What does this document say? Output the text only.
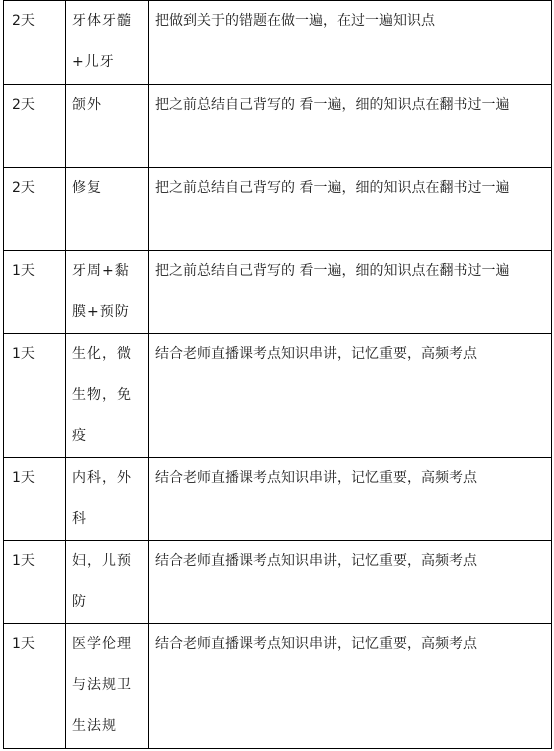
2天	牙体牙髓+儿牙	把做到关于的错题在做一遍，在过一遍知识点

2天	颌外	把之前总结自己背写的 看一遍，细的知识点在翻书过一遍

2天	修复	把之前总结自己背写的 看一遍，细的知识点在翻书过一遍

1天	牙周+黏膜+预防	把之前总结自己背写的 看一遍，细的知识点在翻书过一遍

1天	生化，微生物，免疫	结合老师直播课考点知识串讲，记忆重要，高频考点

1天	内科，外科	结合老师直播课考点知识串讲，记忆重要，高频考点

1天	妇，儿预防	结合老师直播课考点知识串讲，记忆重要，高频考点

1天	医学伦理与法规卫生法规	结合老师直播课考点知识串讲，记忆重要，高频考点
